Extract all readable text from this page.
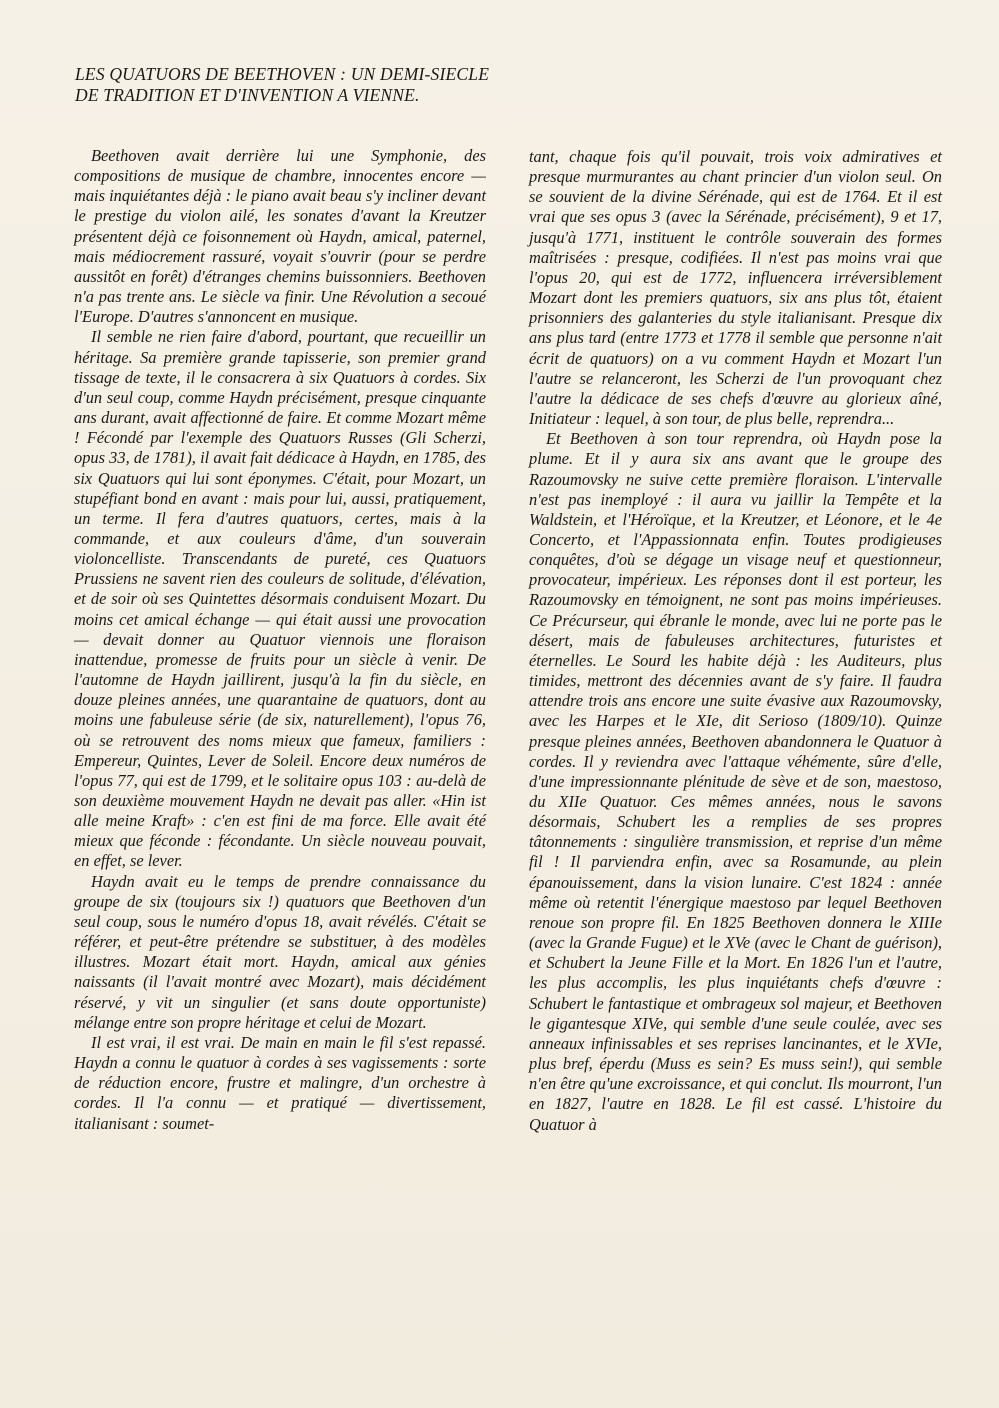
LES QUATUORS DE BEETHOVEN : UN DEMI-SIECLE DE TRADITION ET D'INVENTION A VIENNE.

Beethoven avait derrière lui une Symphonie, des compositions de musique de chambre, innocentes encore — mais inquiétantes déjà : le piano avait beau s'y incliner devant le prestige du violon ailé, les sonates d'avant la Kreutzer présentent déjà ce foisonnement où Haydn, amical, paternel, mais médiocrement rassuré, voyait s'ouvrir (pour se perdre aussitôt en forêt) d'étranges chemins buissonniers. Beethoven n'a pas trente ans. Le siècle va finir. Une Révolution a secoué l'Europe. D'autres s'annoncent en musique.

Il semble ne rien faire d'abord, pourtant, que recueillir un héritage. Sa première grande tapisserie, son premier grand tissage de texte, il le consacrera à six Quatuors à cordes. Six d'un seul coup, comme Haydn précisément, presque cinquante ans durant, avait affectionné de faire. Et comme Mozart même ! Fécondé par l'exemple des Quatuors Russes (Gli Scherzi, opus 33, de 1781), il avait fait dédicace à Haydn, en 1785, des six Quatuors qui lui sont éponymes. C'était, pour Mozart, un stupéfiant bond en avant : mais pour lui, aussi, pratiquement, un terme. Il fera d'autres quatuors, certes, mais à la commande, et aux couleurs d'âme, d'un souverain violoncelliste. Transcendants de pureté, ces Quatuors Prussiens ne savent rien des couleurs de solitude, d'élévation, et de soir où ses Quintettes désormais conduisent Mozart. Du moins cet amical échange — qui était aussi une provocation — devait donner au Quatuor viennois une floraison inattendue, promesse de fruits pour un siècle à venir. De l'automne de Haydn jaillirent, jusqu'à la fin du siècle, en douze pleines années, une quarantaine de quatuors, dont au moins une fabuleuse série (de six, naturellement), l'opus 76, où se retrouvent des noms mieux que fameux, familiers : Empereur, Quintes, Lever de Soleil. Encore deux numéros de l'opus 77, qui est de 1799, et le solitaire opus 103 : au-delà de son deuxième mouvement Haydn ne devait pas aller. «Hin ist alle meine Kraft» : c'en est fini de ma force. Elle avait été mieux que féconde : fécondante. Un siècle nouveau pouvait, en effet, se lever.

Haydn avait eu le temps de prendre connaissance du groupe de six (toujours six !) quatuors que Beethoven d'un seul coup, sous le numéro d'opus 18, avait révélés. C'était se référer, et peut-être prétendre se substituer, à des modèles illustres. Mozart était mort. Haydn, amical aux génies naissants (il l'avait montré avec Mozart), mais décidément réservé, y vit un singulier (et sans doute opportuniste) mélange entre son propre héritage et celui de Mozart.

Il est vrai, il est vrai. De main en main le fil s'est repassé. Haydn a connu le quatuor à cordes à ses vagissements : sorte de réduction encore, frustre et malingre, d'un orchestre à cordes. Il l'a connu — et pratiqué — divertissement, italianisant : soumet-

tant, chaque fois qu'il pouvait, trois voix admiratives et presque murmurantes au chant princier d'un violon seul. On se souvient de la divine Sérénade, qui est de 1764. Et il est vrai que ses opus 3 (avec la Sérénade, précisément), 9 et 17, jusqu'à 1771, instituent le contrôle souverain des formes maîtrisées : presque, codifiées. Il n'est pas moins vrai que l'opus 20, qui est de 1772, influencera irréversiblement Mozart dont les premiers quatuors, six ans plus tôt, étaient prisonniers des galanteries du style italianisant. Presque dix ans plus tard (entre 1773 et 1778 il semble que personne n'ait écrit de quatuors) on a vu comment Haydn et Mozart l'un l'autre se relanceront, les Scherzi de l'un provoquant chez l'autre la dédicace de ses chefs d'œuvre au glorieux aîné, Initiateur : lequel, à son tour, de plus belle, reprendra...

Et Beethoven à son tour reprendra, où Haydn pose la plume. Et il y aura six ans avant que le groupe des Razoumovsky ne suive cette première floraison. L'intervalle n'est pas inemployé : il aura vu jaillir la Tempête et la Waldstein, et l'Héroïque, et la Kreutzer, et Léonore, et le 4e Concerto, et l'Appassionnata enfin. Toutes prodigieuses conquêtes, d'où se dégage un visage neuf et questionneur, provocateur, impérieux. Les réponses dont il est porteur, les Razoumovsky en témoignent, ne sont pas moins impérieuses. Ce Précurseur, qui ébranle le monde, avec lui ne porte pas le désert, mais de fabuleuses architectures, futuristes et éternelles. Le Sourd les habite déjà : les Auditeurs, plus timides, mettront des décennies avant de s'y faire. Il faudra attendre trois ans encore une suite évasive aux Razoumovsky, avec les Harpes et le XIe, dit Serioso (1809/10). Quinze presque pleines années, Beethoven abandonnera le Quatuor à cordes. Il y reviendra avec l'attaque véhémente, sûre d'elle, d'une impressionnante plénitude de sève et de son, maestoso, du XIIe Quatuor. Ces mêmes années, nous le savons désormais, Schubert les a remplies de ses propres tâtonnements : singulière transmission, et reprise d'un même fil ! Il parviendra enfin, avec sa Rosamunde, au plein épanouissement, dans la vision lunaire. C'est 1824 : année même où retentit l'énergique maestoso par lequel Beethoven renoue son propre fil. En 1825 Beethoven donnera le XIIIe (avec la Grande Fugue) et le XVe (avec le Chant de guérison), et Schubert la Jeune Fille et la Mort. En 1826 l'un et l'autre, les plus accomplis, les plus inquiétants chefs d'œuvre : Schubert le fantastique et ombrageux sol majeur, et Beethoven le gigantesque XIVe, qui semble d'une seule coulée, avec ses anneaux infinissables et ses reprises lancinantes, et le XVIe, plus bref, éperdu (Muss es sein? Es muss sein!), qui semble n'en être qu'une excroissance, et qui conclut. Ils mourront, l'un en 1827, l'autre en 1828. Le fil est cassé. L'histoire du Quatuor à
